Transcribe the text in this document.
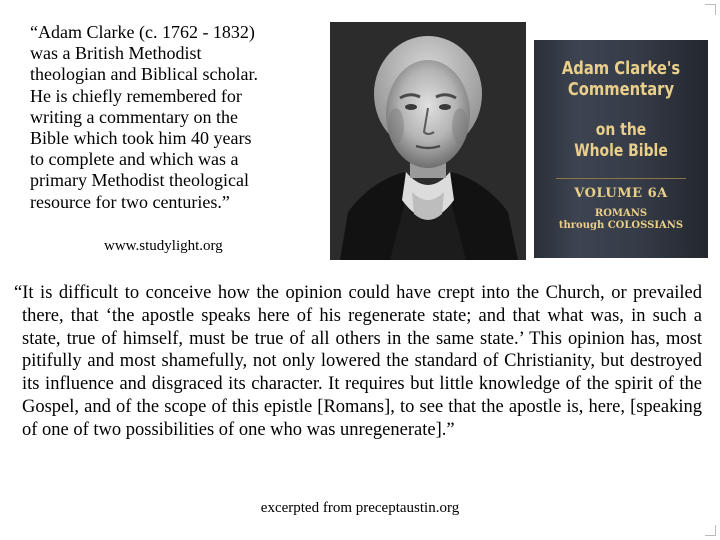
“Adam Clarke (c. 1762 - 1832)
was a British Methodist
theologian and Biblical scholar.
He is chiefly remembered for
writing a commentary on the
Bible which took him 40 years
to complete and which was a
primary Methodist theological
resource for two centuries.”
www.studylight.org
Adam Clarke's
Commentary
on the
Whole Bible
VOLUME 6A
ROMANS
through COLOSSIANS
“It is difficult to conceive how the opinion could have crept into the Church, or prevailed there, that ‘the apostle speaks here of his regenerate state; and that what was, in such a state, true of himself, must be true of all others in the same state.’ This opinion has, most pitifully and most shamefully, not only lowered the standard of Christianity, but destroyed its influence and disgraced its character. It requires but little knowledge of the spirit of the Gospel, and of the scope of this epistle [Romans], to see that the apostle is, here, [speaking of one of two possibilities of one who was unregenerate].”
excerpted from preceptaustin.org
